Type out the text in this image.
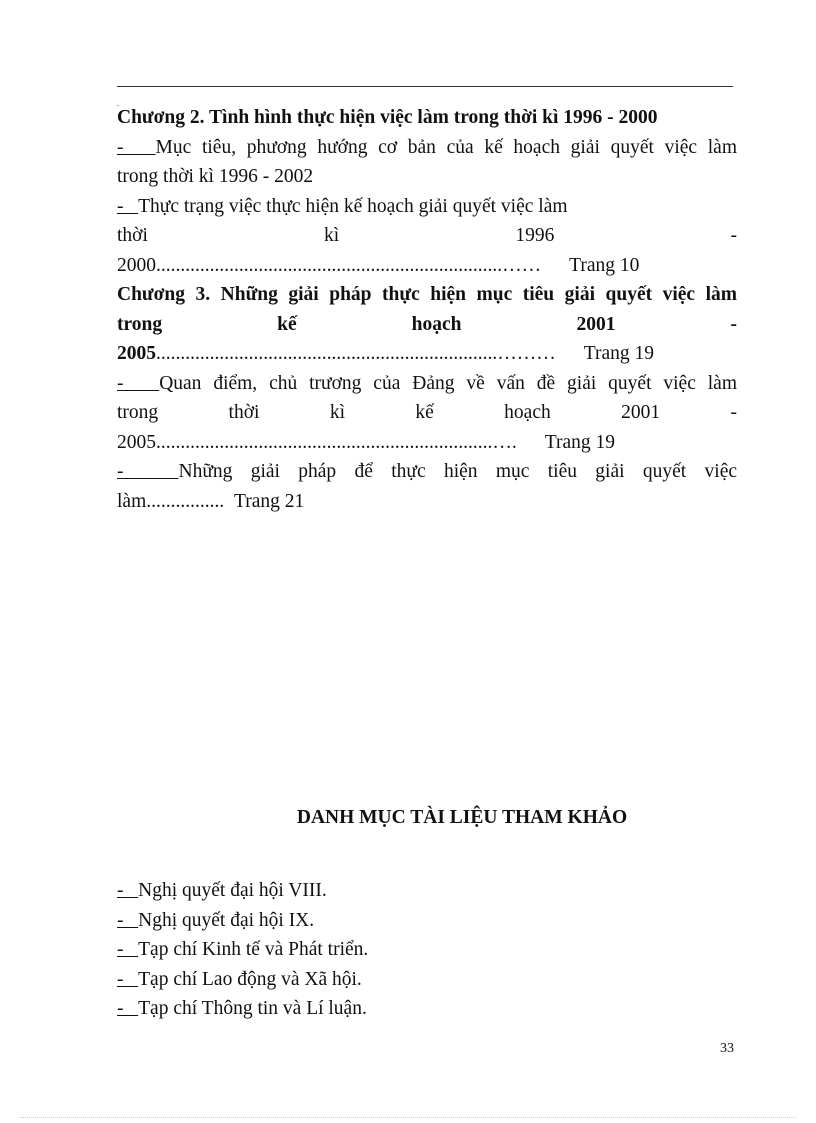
.
Chương 2. Tình hình thực hiện việc làm trong thời kì 1996 - 2000
- Mục tiêu, phương hướng cơ bản của kế hoạch giải quyết việc làm
trong thời kì 1996 - 2002
- Thực trạng việc thực hiện kế hoạch giải quyết việc làm
thời kì 1996 -
2000.......................................................................…… Trang 10
Chương 3. Những giải pháp thực hiện mục tiêu giải quyết việc làm
trong kế hoạch 2001 -
2005 ......................................................................……… Trang 19
- Quan điểm, chủ trương của Đảng về vấn đề giải quyết việc làm
trong thời kì kế hoạch 2001 -
2005.....................................................................…. Trang 19
-	Những giải pháp để thực hiện mục tiêu giải quyết việc
làm................ Trang 21
DANH MỤC TÀI LIỆU THAM KHẢO
- Nghị quyết đại hội VIII.
- Nghị quyết đại hội IX.
- Tạp chí Kinh tế và Phát triển.
- Tạp chí Lao động và Xã hội.
- Tạp chí Thông tin và Lí luận.
33
